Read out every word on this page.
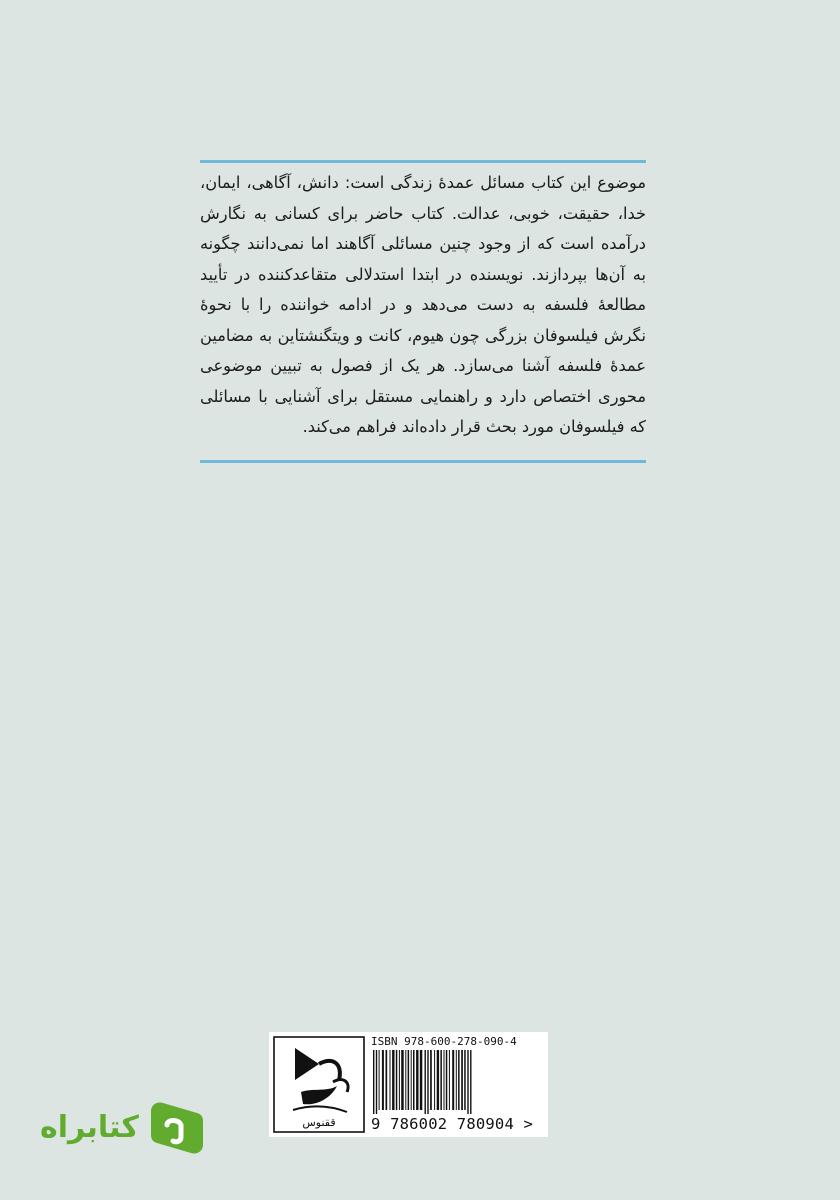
موضوع این کتاب مسائل عمدهٔ زندگی است: دانش، آگاهی، ایمان، خدا، حقیقت، خوبی، عدالت. کتاب حاضر برای کسانی به نگارش درآمده است که از وجود چنین مسائلی آگاهند اما نمی‌دانند چگونه به آن‌ها بپردازند. نویسنده در ابتدا استدلالی متقاعدکننده در تأیید مطالعهٔ فلسفه به دست می‌دهد و در ادامه خواننده را با نحوهٔ نگرش فیلسوفان بزرگی چون هیوم، کانت و ویتگنشتاین به مضامین عمدهٔ فلسفه آشنا می‌سازد. هر یک از فصول به تبیین موضوعی محوری اختصاص دارد و راهنمایی مستقل برای آشنایی با مسائلی که فیلسوفان مورد بحث قرار داده‌اند فراهم می‌کند.

ققنوس
ISBN 978-600-278-090-4
9 786002 780904 >
کتابراه
